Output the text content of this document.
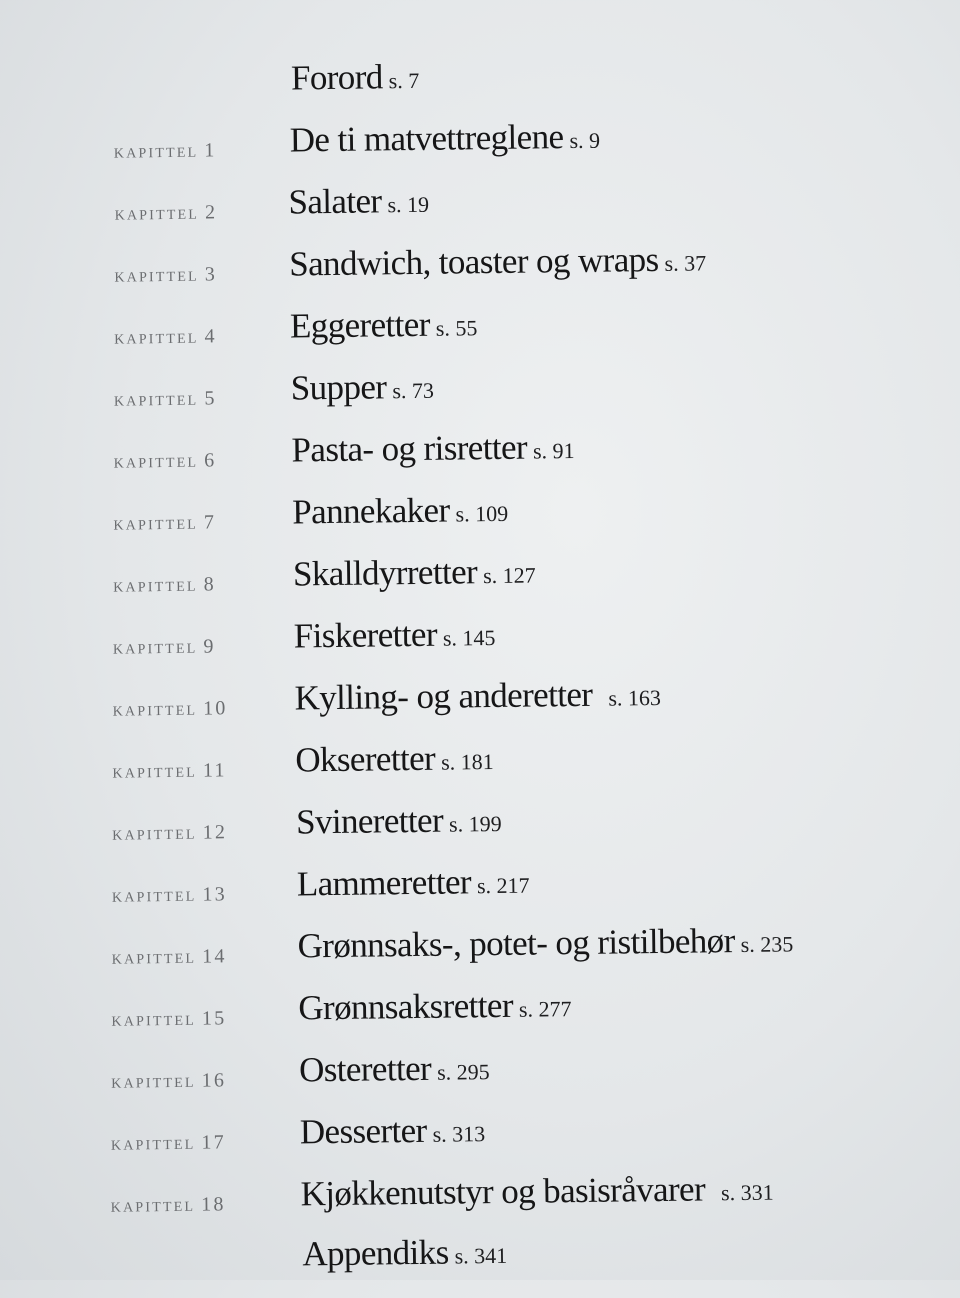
Forord s. 7
kapittel 1 De ti matvettreglene s. 9
kapittel 2 Salater s. 19
kapittel 3 Sandwich, toaster og wraps s. 37
kapittel 4 Eggeretter s. 55
kapittel 5 Supper s. 73
kapittel 6 Pasta- og risretter s. 91
kapittel 7 Pannekaker s. 109
kapittel 8 Skalldyrretter s. 127
kapittel 9 Fiskeretter s. 145
kapittel 10 Kylling- og anderetter s. 163
kapittel 11 Okseretter s. 181
kapittel 12 Svineretter s. 199
kapittel 13 Lammeretter s. 217
kapittel 14 Grønnsaks-, potet- og ristilbehør s. 235
kapittel 15 Grønnsaksretter s. 277
kapittel 16 Osteretter s. 295
kapittel 17 Desserter s. 313
kapittel 18 Kjøkkenutstyr og basisråvarer s. 331
Appendiks s. 341
